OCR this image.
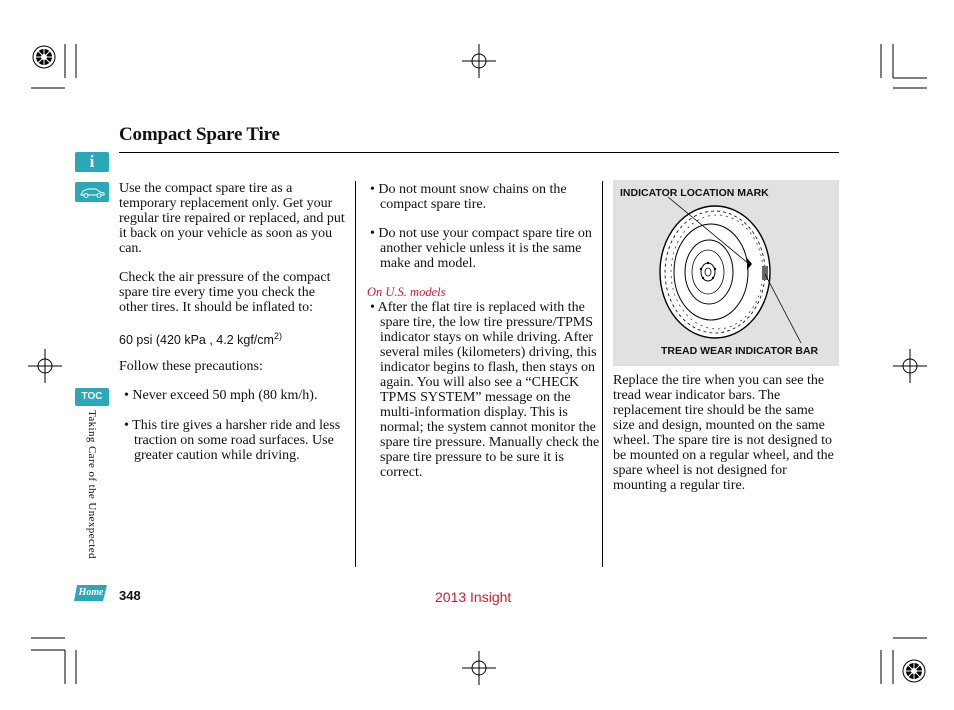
Compact Spare Tire
i
TOC
Taking Care of the Unexpected
Home
Use the compact spare tire as a temporary replacement only. Get your regular tire repaired or replaced, and put it back on your vehicle as soon as you can.
Check the air pressure of the compact spare tire every time you check the other tires. It should be inflated to:
60 psi (420 kPa , 4.2 kgf/$cm^{2)}$
Follow these precautions:
• Never exceed 50 mph (80 km/h).
• This tire gives a harsher ride and less traction on some road surfaces. Use greater caution while driving.
• Do not mount snow chains on the compact spare tire.
• Do not use your compact spare tire on another vehicle unless it is the same make and model.
On U.S. models
• After the flat tire is replaced with the spare tire, the low tire pressure/TPMS indicator stays on while driving. After several miles (kilometers) driving, this indicator begins to flash, then stays on again. You will also see a “CHECK TPMS SYSTEM” message on the multi-information display. This is normal; the system cannot monitor the spare tire pressure. Manually check the spare tire pressure to be sure it is correct.
INDICATOR LOCATION MARK
TREAD WEAR INDICATOR BAR
Replace the tire when you can see the tread wear indicator bars. The replacement tire should be the same size and design, mounted on the same wheel. The spare tire is not designed to be mounted on a regular wheel, and the spare wheel is not designed for mounting a regular tire.
348	2013 Insight
